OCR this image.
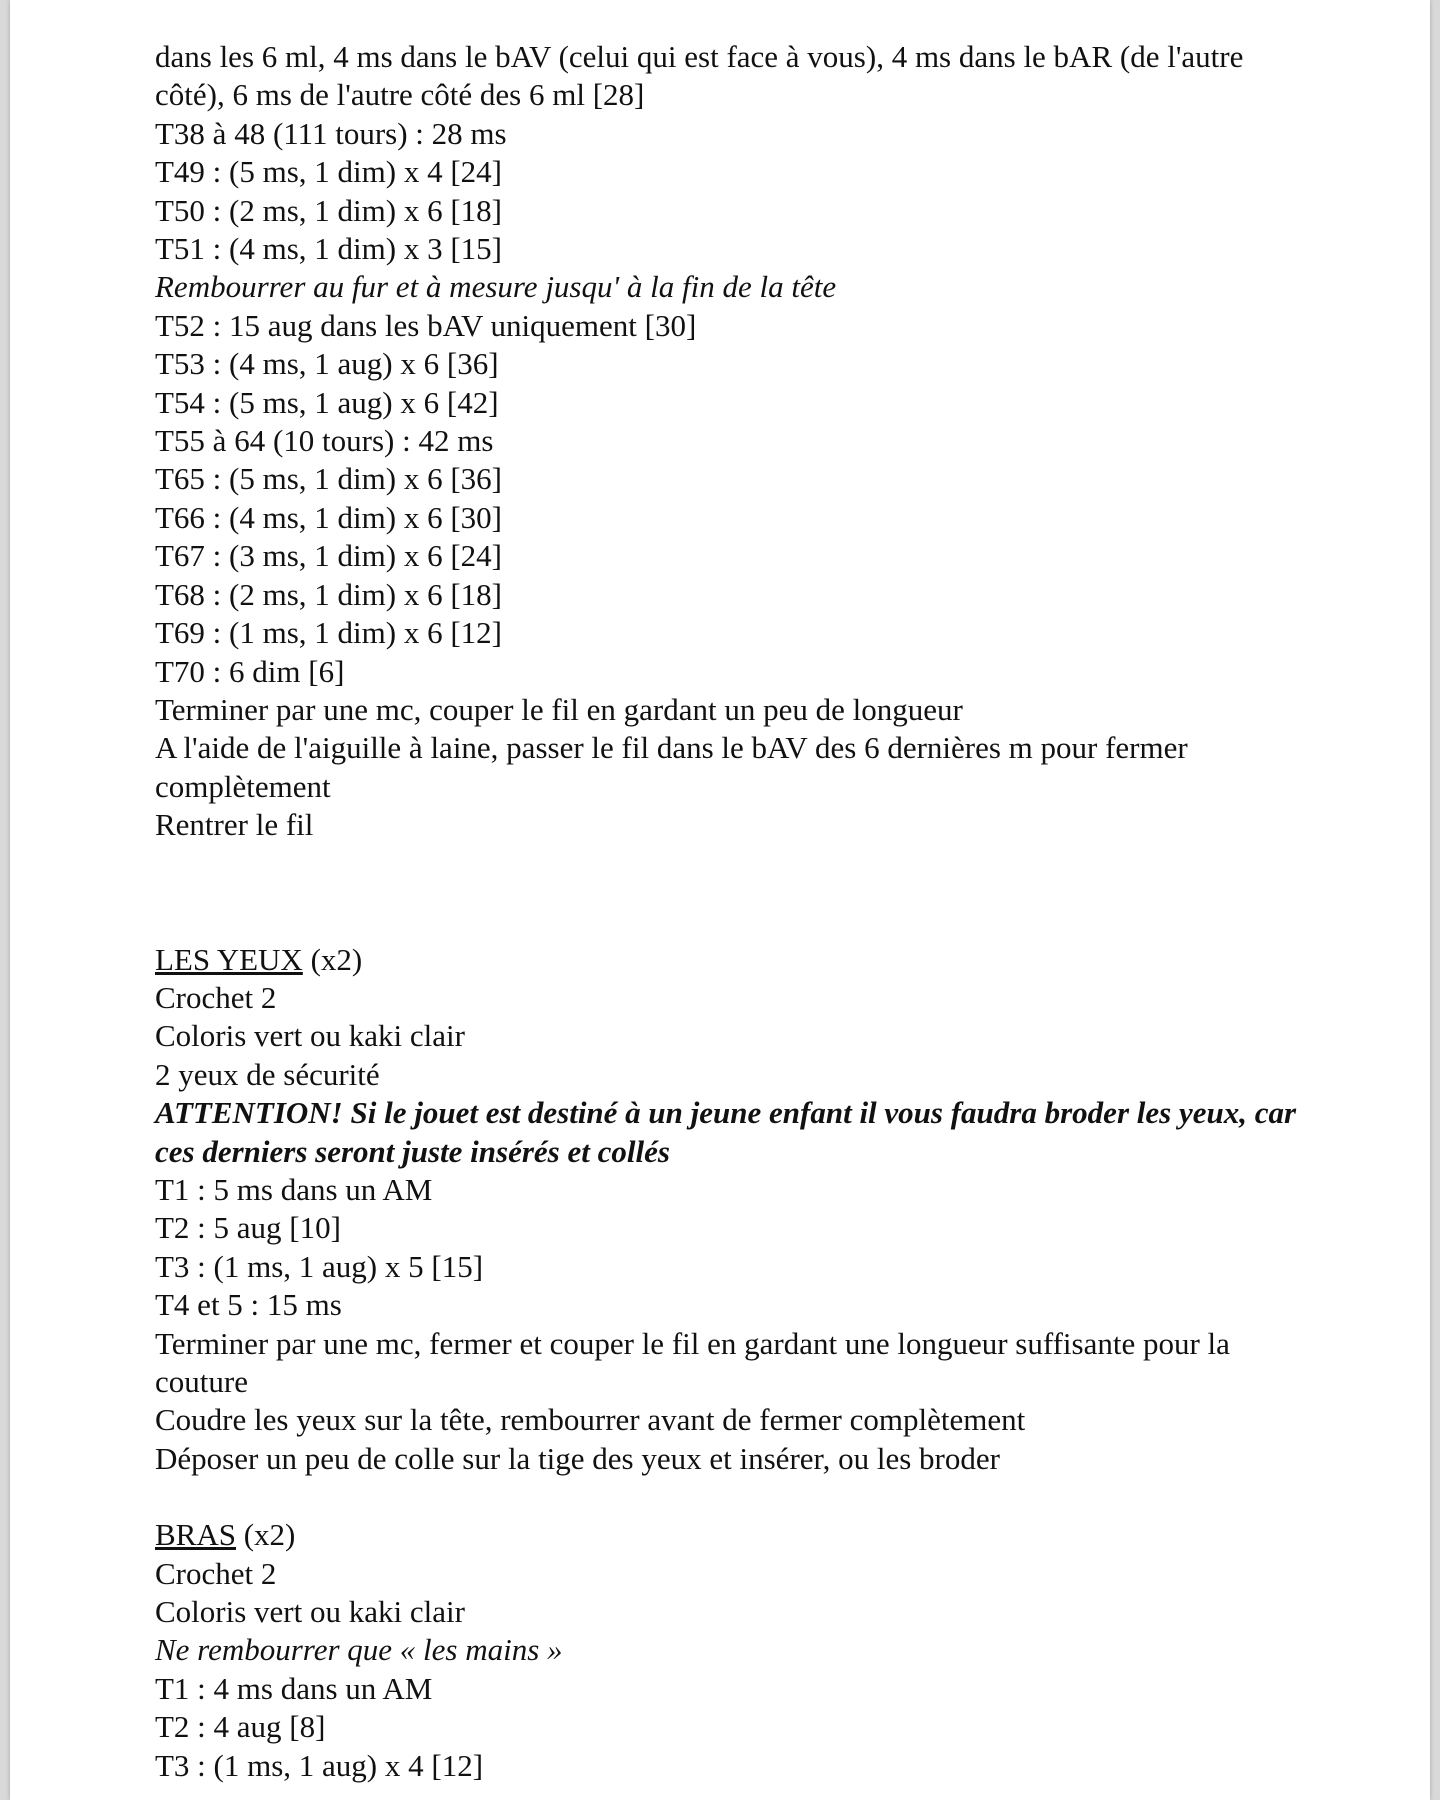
dans les 6 ml, 4 ms dans le bAV (celui qui est face à vous), 4 ms dans le bAR (de l'autre côté), 6 ms de l'autre côté des 6 ml [28]

T38 à 48 (111 tours) : 28 ms

T49 : (5 ms, 1 dim) x 4 [24]

T50 : (2 ms, 1 dim) x 6 [18]

T51 : (4 ms, 1 dim) x 3 [15]

Rembourrer au fur et à mesure jusqu' à la fin de la tête

T52 : 15 aug dans les bAV uniquement [30]

T53 : (4 ms, 1 aug) x 6 [36]

T54 : (5 ms, 1 aug) x 6 [42]

T55 à 64 (10 tours) : 42 ms

T65 : (5 ms, 1 dim) x 6 [36]

T66 : (4 ms, 1 dim) x 6 [30]

T67 : (3 ms, 1 dim) x 6 [24]

T68 : (2 ms, 1 dim) x 6 [18]

T69 : (1 ms, 1 dim) x 6 [12]

T70 : 6 dim [6]

Terminer par une mc, couper le fil en gardant un peu de longueur

A l'aide de l'aiguille à laine, passer le fil dans le bAV des 6 dernières m pour fermer complètement

Rentrer le fil

LES YEUX (x2)

Crochet 2

Coloris vert ou kaki clair

2 yeux de sécurité

ATTENTION! Si le jouet est destiné à un jeune enfant il vous faudra broder les yeux, car ces derniers seront juste insérés et collés

T1 : 5 ms dans un AM

T2 : 5 aug [10]

T3 : (1 ms, 1 aug) x 5 [15]

T4 et 5 : 15 ms

Terminer par une mc, fermer et couper le fil en gardant une longueur suffisante pour la couture

Coudre les yeux sur la tête, rembourrer avant de fermer complètement

Déposer un peu de colle sur la tige des yeux et insérer, ou les broder

BRAS (x2)

Crochet 2

Coloris vert ou kaki clair

Ne rembourrer que « les mains »

T1 : 4 ms dans un AM

T2 : 4 aug [8]

T3 : (1 ms, 1 aug) x 4 [12]
